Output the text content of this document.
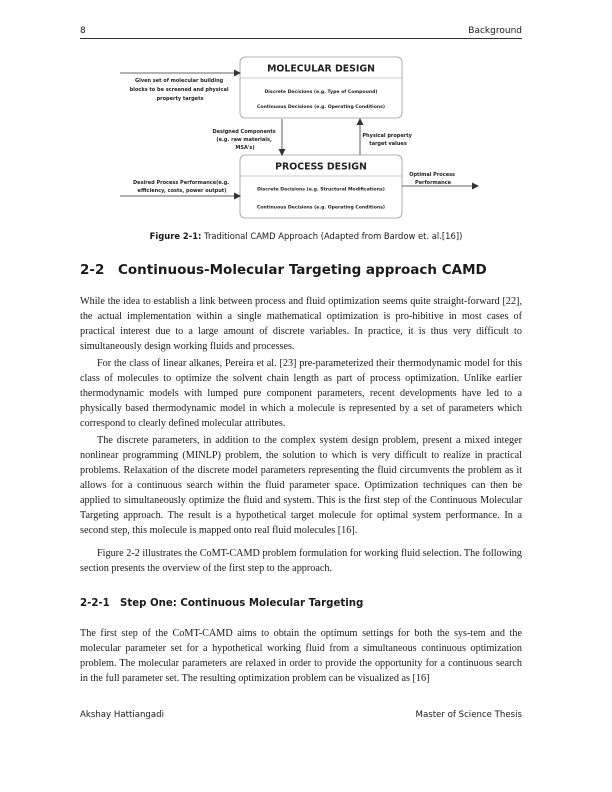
8	Background
MOLECULAR DESIGN
Discrete Decisions (e.g. Type of Compound)
Continuous Decisions (e.g. Operating Conditions)
PROCESS DESIGN
Discrete Decisions (e.g. Structural Modifications)
Continuous Decisions (e.g. Operating Conditions)
Given set of molecular building blocks to be screened and physical property targets
Designed Components (e.g. raw materials, MSA's)
Physical property target values
Desired Process Performance(e.g. efficiency, costs, power output)
Optimal Process Performance
Figure 2-1: Traditional CAMD Approach (Adapted from Bardow et. al.[16])
2-2 Continuous-Molecular Targeting approach CAMD

While the idea to establish a link between process and fluid optimization seems quite straight-forward [22], the actual implementation within a single mathematical optimization is pro-hibitive in most cases of practical interest due to a large amount of discrete variables. In practice, it is thus very difficult to simultaneously design working fluids and processes.

For the class of linear alkanes, Pereira et al. [23] pre-parameterized their thermodynamic model for this class of molecules to optimize the solvent chain length as part of process optimization. Unlike earlier thermodynamic models with lumped pure component parameters, recent developments have led to a physically based thermodynamic model in which a molecule is represented by a set of parameters which correspond to clearly defined molecular attributes.

The discrete parameters, in addition to the complex system design problem, present a mixed integer nonlinear programming (MINLP) problem, the solution to which is very difficult to realize in practical problems. Relaxation of the discrete model parameters representing the fluid circumvents the problem as it allows for a continuous search within the fluid parameter space. Optimization techniques can then be applied to simultaneously optimize the fluid and system. This is the first step of the Continuous Molecular Targeting approach. The result is a hypothetical target molecule for optimal system performance. In a second step, this molecule is mapped onto real fluid molecules [16].

Figure 2-2 illustrates the CoMT-CAMD problem formulation for working fluid selection. The following section presents the overview of the first step to the approach.

2-2-1 Step One: Continuous Molecular Targeting

The first step of the CoMT-CAMD aims to obtain the optimum settings for both the sys-tem and the molecular parameter set for a hypothetical working fluid from a simultaneous continuous optimization problem. The molecular parameters are relaxed in order to provide the opportunity for a continuous search in the full parameter set. The resulting optimization problem can be visualized as [16]

Akshay Hattiangadi	Master of Science Thesis
